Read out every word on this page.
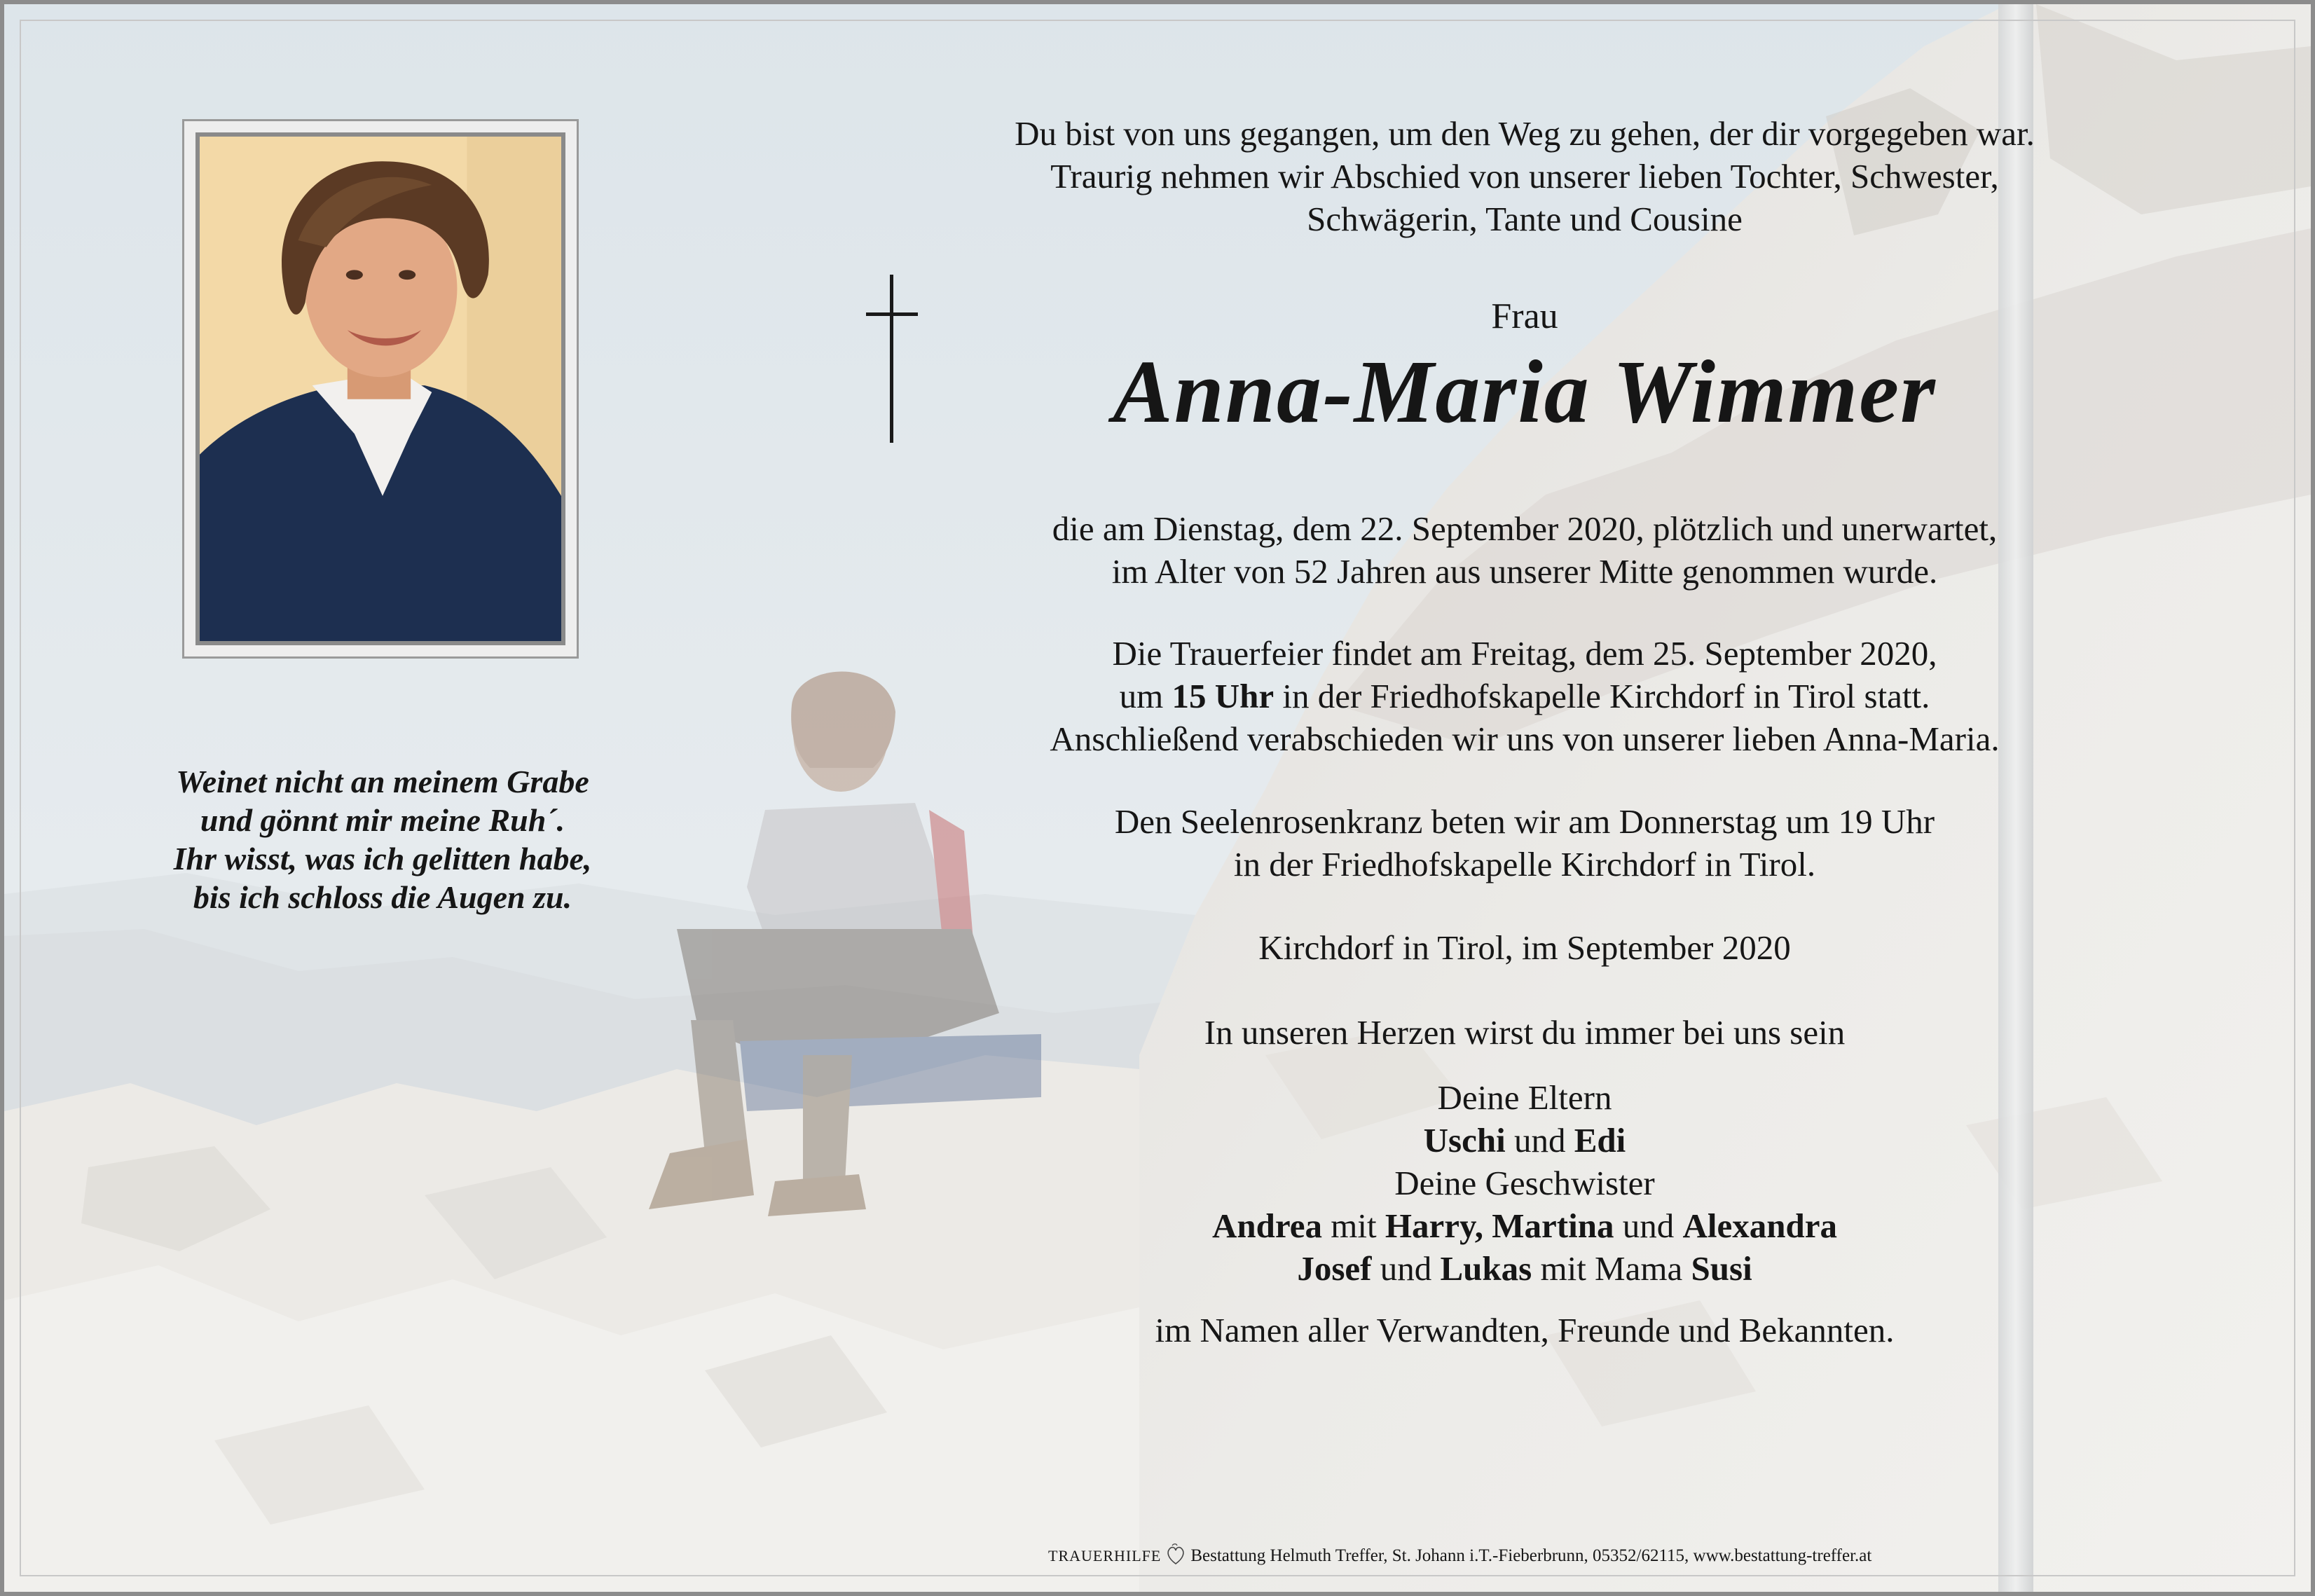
Weinet nicht an meinem Grabe
und gönnt mir meine Ruh´.
Ihr wisst, was ich gelitten habe,
bis ich schloss die Augen zu.
Du bist von uns gegangen, um den Weg zu gehen, der dir vorgegeben war.
Traurig nehmen wir Abschied von unserer lieben Tochter, Schwester,
Schwägerin, Tante und Cousine
Frau
Anna-Maria Wimmer
die am Dienstag, dem 22. September 2020, plötzlich und unerwartet,
im Alter von 52 Jahren aus unserer Mitte genommen wurde.
Die Trauerfeier findet am Freitag, dem 25. September 2020,
um 15 Uhr in der Friedhofskapelle Kirchdorf in Tirol statt.
Anschließend verabschieden wir uns von unserer lieben Anna-Maria.
Den Seelenrosenkranz beten wir am Donnerstag um 19 Uhr
in der Friedhofskapelle Kirchdorf in Tirol.
Kirchdorf in Tirol, im September 2020
In unseren Herzen wirst du immer bei uns sein
Deine Eltern
Uschi und Edi
Deine Geschwister
Andrea mit Harry, Martina und Alexandra
Josef und Lukas mit Mama Susi
im Namen aller Verwandten, Freunde und Bekannten.
TRAUERHILFE Bestattung Helmuth Treffer, St. Johann i.T.-Fieberbrunn, 05352/62115, www.bestattung-treffer.at
